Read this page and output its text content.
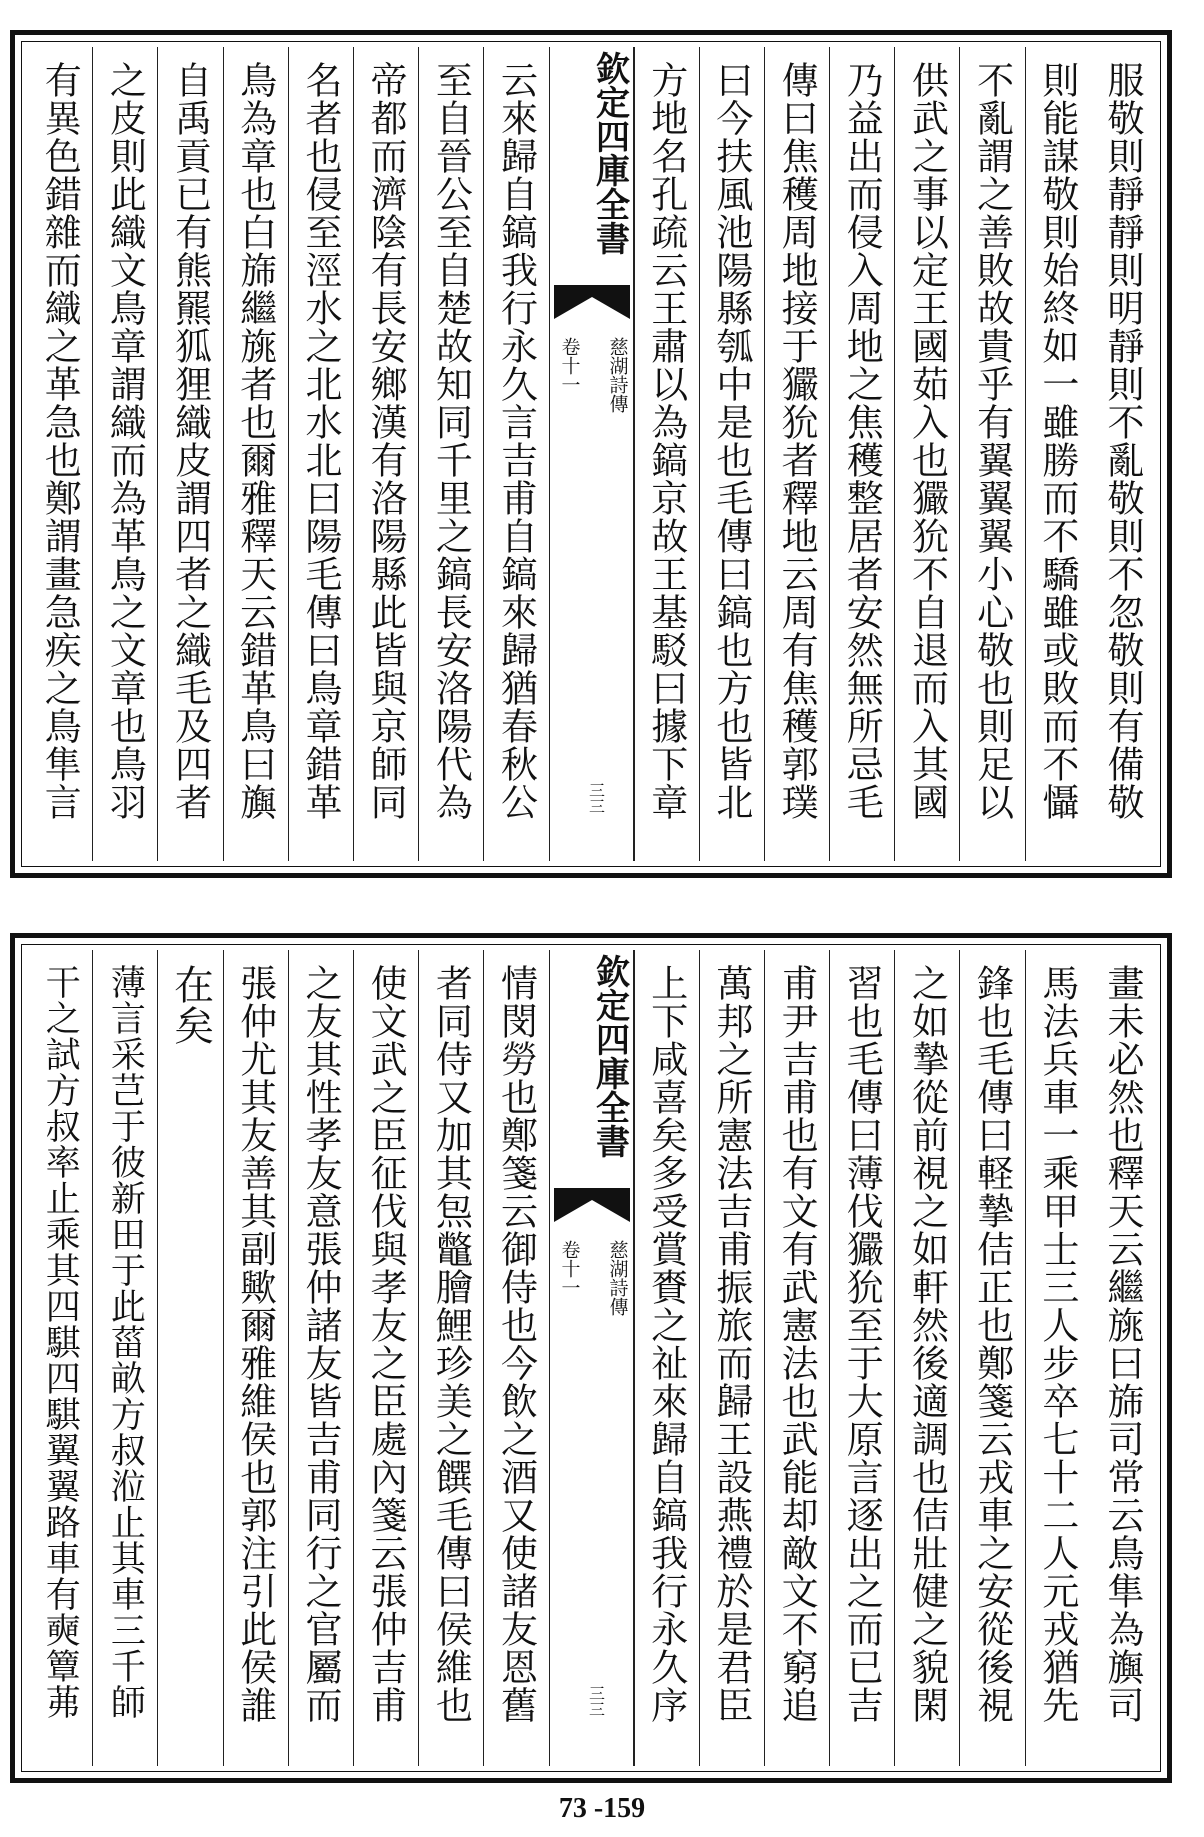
服敬則靜靜則明靜則不亂敬則不忽敬則有備敬
則能謀敬則始終如一雖勝而不驕雖或敗而不懾
不亂謂之善敗故貴乎有翼翼翼小心敬也則足以
供武之事以定王國茹入也玁狁不自退而入其國
乃益出而侵入周地之焦穫整居者安然無所忌毛
傳曰焦穫周地接于玁狁者釋地云周有焦穫郭璞
曰今扶風池陽縣瓠中是也毛傳曰鎬也方也皆北
方地名孔疏云王肅以為鎬京故王基駁曰據下章
欽定四庫全書
慈湖詩傳
卷十一
三三
云來歸自鎬我行永久言吉甫自鎬來歸猶春秋公
至自晉公至自楚故知同千里之鎬長安洛陽代為
帝都而濟陰有長安鄉漢有洛陽縣此皆與京師同
名者也侵至涇水之北水北曰陽毛傳曰鳥章錯革
鳥為章也白旆繼旐者也爾雅釋天云錯革鳥曰旟
自禹貢已有熊羆狐狸織皮謂四者之織毛及四者
之皮則此織文鳥章謂織而為革鳥之文章也鳥羽
有異色錯雜而織之革急也鄭謂畫急疾之鳥隼言
畫未必然也釋天云繼旐曰旆司常云鳥隼為旟司
馬法兵車一乘甲士三人步卒七十二人元戎猶先
鋒也毛傳曰軽摯佶正也鄭箋云戎車之安從後視
之如摯從前視之如軒然後適調也佶壯健之貌閑
習也毛傳曰薄伐玁狁至于大原言逐出之而已吉
甫尹吉甫也有文有武憲法也武能却敵文不窮追
萬邦之所憲法吉甫振旅而歸王設燕禮於是君臣
上下咸喜矣多受賞賚之祉來歸自鎬我行永久序
欽定四庫全書
慈湖詩傳
卷十一
三三
情閔勞也鄭箋云御侍也今飲之酒又使諸友恩舊
者同侍又加其炰鼈膾鯉珍美之饌毛傳曰侯維也
使文武之臣征伐與孝友之臣處內箋云張仲吉甫
之友其性孝友意張仲諸友皆吉甫同行之官屬而
張仲尤其友善其副歟爾雅維侯也郭注引此侯誰
在矣
薄言采芑于彼新田于此菑畝方叔涖止其車三千師
干之試方叔率止乘其四騏四騏翼翼路車有奭簟茀
73 -159
